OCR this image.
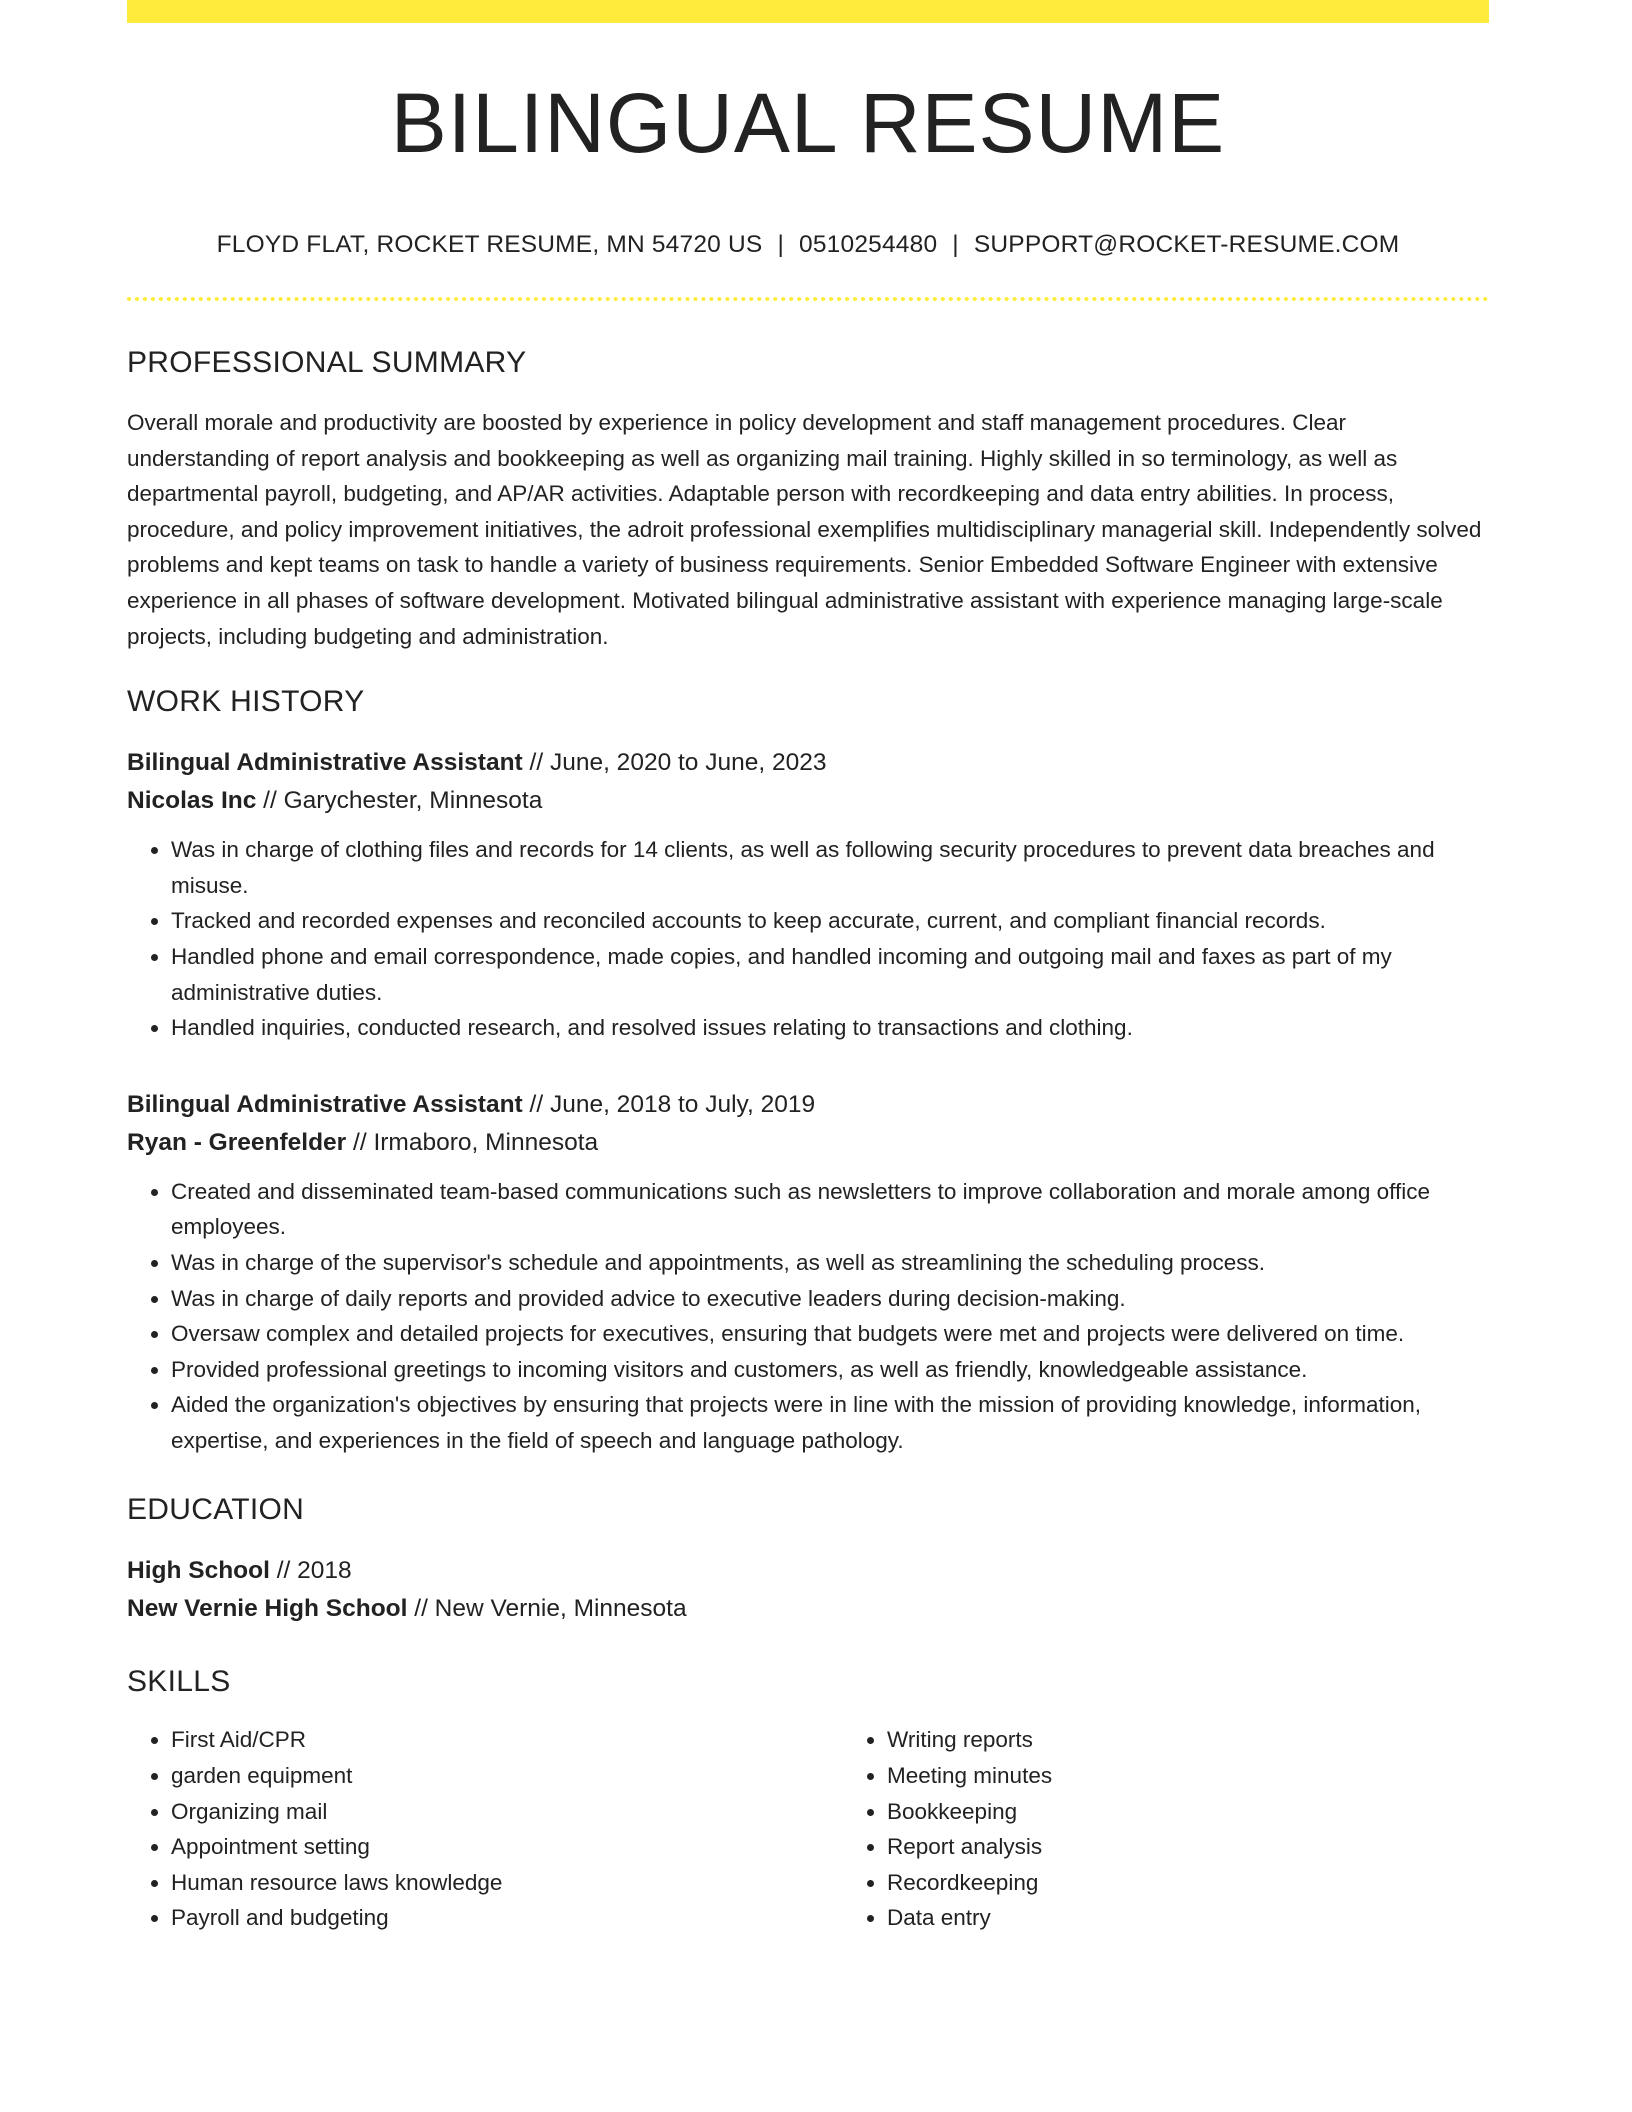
BILINGUAL RESUME
FLOYD FLAT, ROCKET RESUME, MN 54720 US | 0510254480 | SUPPORT@ROCKET-RESUME.COM
PROFESSIONAL SUMMARY
Overall morale and productivity are boosted by experience in policy development and staff management procedures. Clear understanding of report analysis and bookkeeping as well as organizing mail training. Highly skilled in so terminology, as well as departmental payroll, budgeting, and AP/AR activities. Adaptable person with recordkeeping and data entry abilities. In process, procedure, and policy improvement initiatives, the adroit professional exemplifies multidisciplinary managerial skill. Independently solved problems and kept teams on task to handle a variety of business requirements. Senior Embedded Software Engineer with extensive experience in all phases of software development. Motivated bilingual administrative assistant with experience managing large-scale projects, including budgeting and administration.
WORK HISTORY
Bilingual Administrative Assistant // June, 2020 to June, 2023
Nicolas Inc // Garychester, Minnesota
• Was in charge of clothing files and records for 14 clients, as well as following security procedures to prevent data breaches and misuse.
• Tracked and recorded expenses and reconciled accounts to keep accurate, current, and compliant financial records.
• Handled phone and email correspondence, made copies, and handled incoming and outgoing mail and faxes as part of my administrative duties.
• Handled inquiries, conducted research, and resolved issues relating to transactions and clothing.
Bilingual Administrative Assistant // June, 2018 to July, 2019
Ryan - Greenfelder // Irmaboro, Minnesota
• Created and disseminated team-based communications such as newsletters to improve collaboration and morale among office employees.
• Was in charge of the supervisor's schedule and appointments, as well as streamlining the scheduling process.
• Was in charge of daily reports and provided advice to executive leaders during decision-making.
• Oversaw complex and detailed projects for executives, ensuring that budgets were met and projects were delivered on time.
• Provided professional greetings to incoming visitors and customers, as well as friendly, knowledgeable assistance.
• Aided the organization's objectives by ensuring that projects were in line with the mission of providing knowledge, information, expertise, and experiences in the field of speech and language pathology.
EDUCATION
High School // 2018
New Vernie High School // New Vernie, Minnesota
SKILLS
• First Aid/CPR
• garden equipment
• Organizing mail
• Appointment setting
• Human resource laws knowledge
• Payroll and budgeting
• Writing reports
• Meeting minutes
• Bookkeeping
• Report analysis
• Recordkeeping
• Data entry
